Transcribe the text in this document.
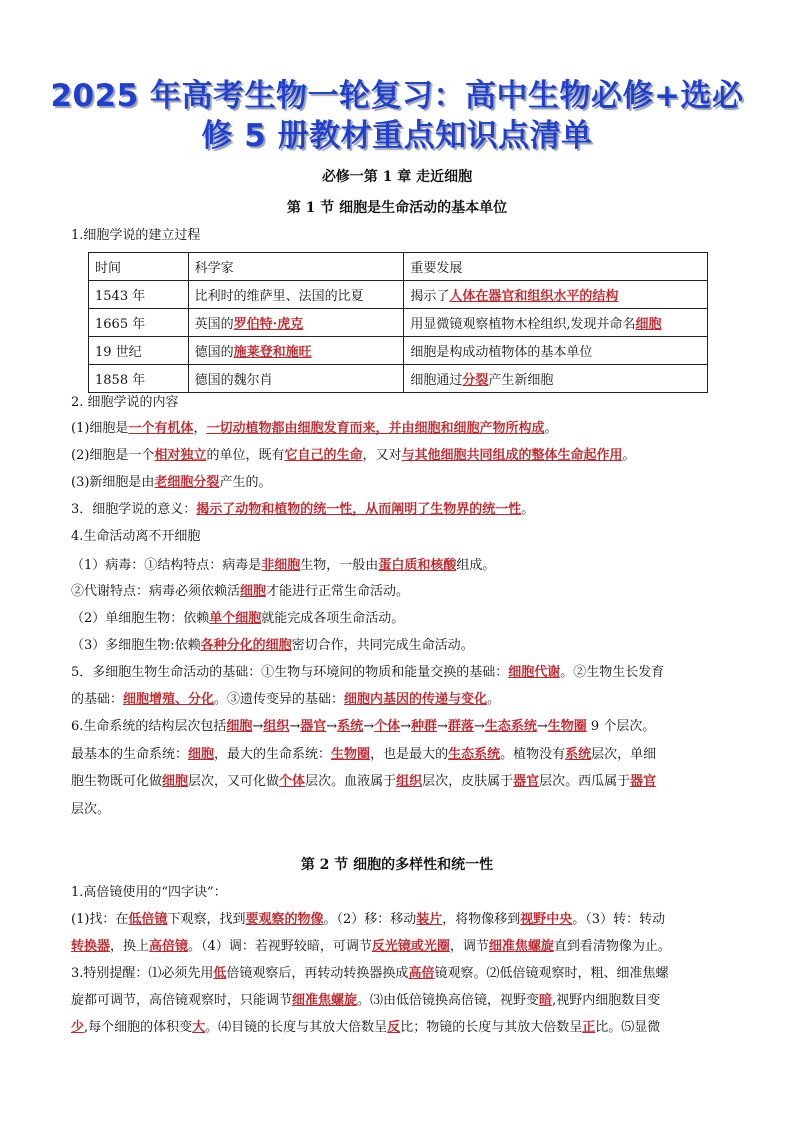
2025 年高考生物一轮复习：高中生物必修+选必
修 5 册教材重点知识点清单
必修一第 1 章 走近细胞
第 1 节 细胞是生命活动的基本单位
1.细胞学说的建立过程
时间	科学家	重要发展
1543 年	比利时的维萨里、法国的比夏	揭示了人体在器官和组织水平的结构
1665 年	英国的罗伯特·虎克	用显微镜观察植物木栓组织,发现并命名细胞
19 世纪	德国的施莱登和施旺	细胞是构成动植物体的基本单位
1858 年	德国的魏尔肖	细胞通过分裂产生新细胞
2. 细胞学说的内容
(1)细胞是一个有机体，一切动植物都由细胞发育而来，并由细胞和细胞产物所构成。
(2)细胞是一个相对独立的单位，既有它自己的生命，又对与其他细胞共同组成的整体生命起作用。
(3)新细胞是由老细胞分裂产生的。
3．细胞学说的意义：揭示了动物和植物的统一性，从而阐明了生物界的统一性。
4.生命活动离不开细胞
（1）病毒：①结构特点：病毒是非细胞生物，一般由蛋白质和核酸组成。
②代谢特点：病毒必须依赖活细胞才能进行正常生命活动。
（2）单细胞生物：依赖单个细胞就能完成各项生命活动。
（3）多细胞生物:依赖各种分化的细胞密切合作，共同完成生命活动。
5．多细胞生物生命活动的基础：①生物与环境间的物质和能量交换的基础：细胞代谢。②生物生长发育
的基础：细胞增殖、分化。③遗传变异的基础：细胞内基因的传递与变化。
6.生命系统的结构层次包括细胞→组织→器官→系统→个体→种群→群落→生态系统→生物圈 9 个层次。
最基本的生命系统：细胞，最大的生命系统：生物圈，也是最大的生态系统。植物没有系统层次，单细
胞生物既可化做细胞层次，又可化做个体层次。血液属于组织层次，皮肤属于器官层次。西瓜属于器官
层次。
第 2 节 细胞的多样性和统一性
1.高倍镜使用的“四字诀”：
(1)找：在低倍镜下观察，找到要观察的物像。（2）移：移动装片，将物像移到视野中央。（3）转：转动
转换器，换上高倍镜。（4）调：若视野较暗，可调节反光镜或光圈，调节细准焦螺旋直到看清物像为止。
3.特别提醒：⑴必须先用低倍镜观察后，再转动转换器换成高倍镜观察。⑵低倍镜观察时，粗、细准焦螺
旋都可调节，高倍镜观察时，只能调节细准焦螺旋。⑶由低倍镜换高倍镜，视野变暗,视野内细胞数目变
少,每个细胞的体积变大。⑷目镜的长度与其放大倍数呈反比；物镜的长度与其放大倍数呈正比。⑸显微
